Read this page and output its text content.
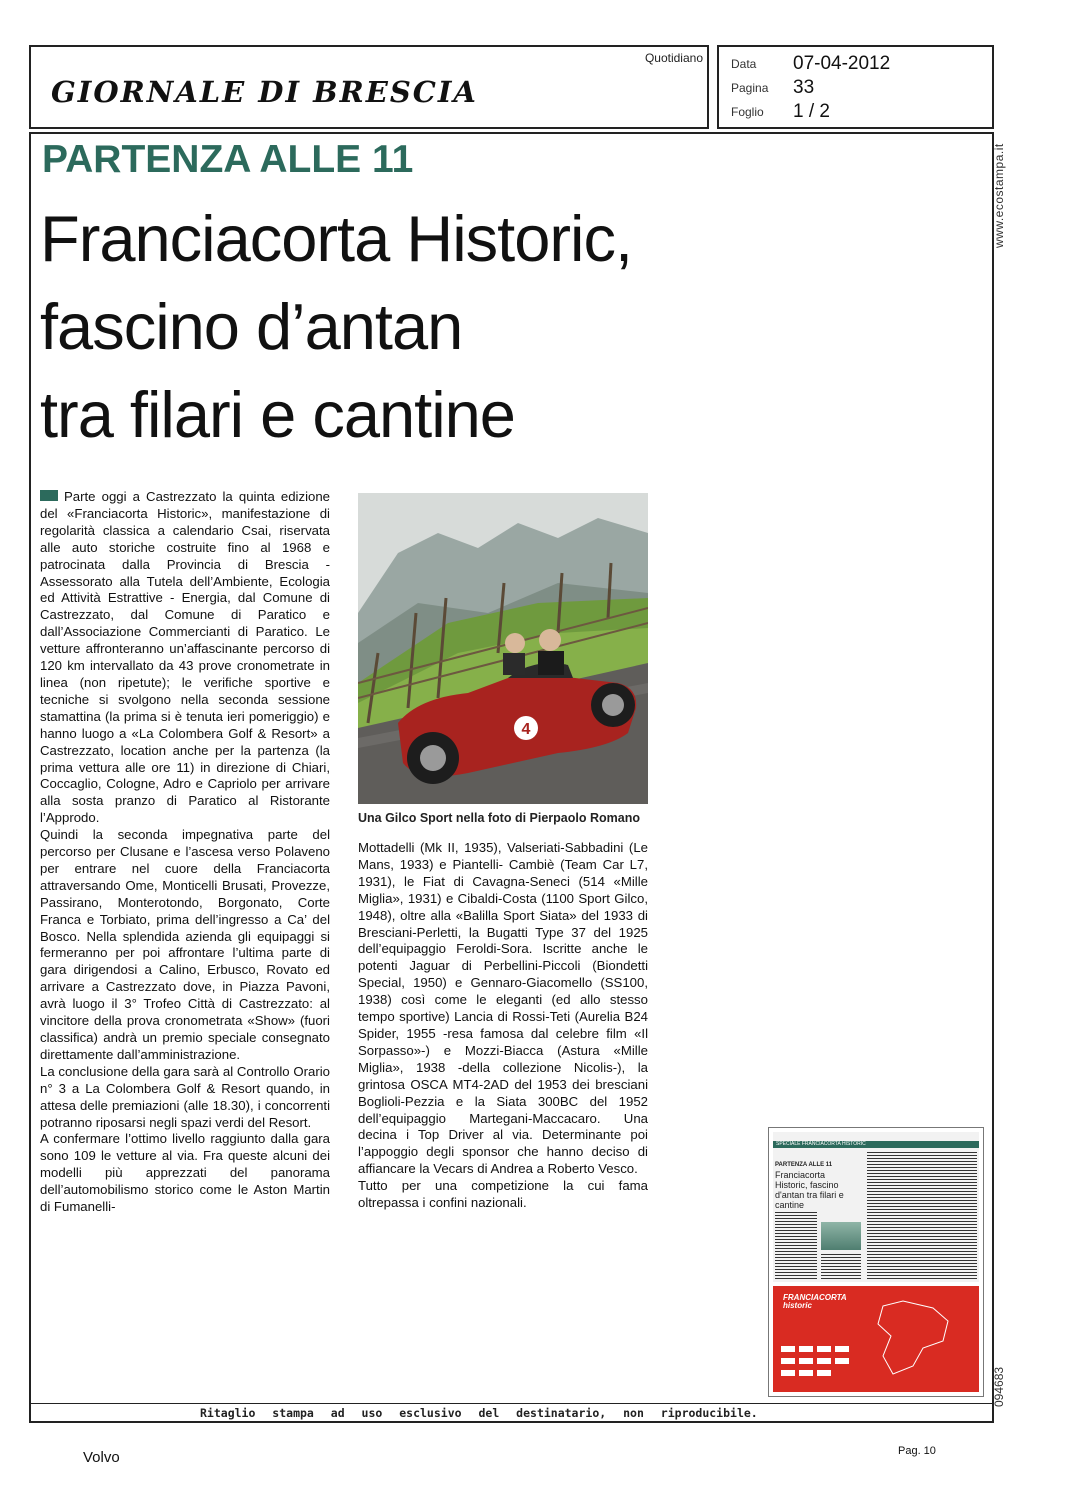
GIORNALE DI BRESCIA
Quotidiano Data	07-04-2012
Pagina	33
Foglio	1 / 2
PARTENZA ALLE 11
Franciacorta Historic,
fascino d’antan
tra filari e cantine

Parte oggi a Castrezzato la quinta edizione del «Franciacorta Historic», manifestazione di regolarità classica a calendario Csai, riservata alle auto storiche costruite fino al 1968 e patrocinata dalla Provincia di Brescia - Assessorato alla Tutela dell’Ambiente, Ecologia ed Attività Estrattive - Energia, dal Comune di Castrezzato, dal Comune di Paratico e dall’Associazione Commercianti di Paratico. Le vetture affronteranno un’affascinante percorso di 120 km intervallato da 43 prove cronometrate in linea (non ripetute); le verifiche sportive e tecniche si svolgono nella seconda sessione stamattina (la prima si è tenuta ieri pomeriggio) e hanno luogo a «La Colombera Golf & Resort» a Castrezzato, location anche per la partenza (la prima vettura alle ore 11) in direzione di Chiari, Coccaglio, Cologne, Adro e Capriolo per arrivare alla sosta pranzo di Paratico al Ristorante l’Approdo.

Quindi la seconda impegnativa parte del percorso per Clusane e l’ascesa verso Polaveno per entrare nel cuore della Franciacorta attraversando Ome, Monticelli Brusati, Provezze, Passirano, Monterotondo, Borgonato, Corte Franca e Torbiato, prima dell’ingresso a Ca’ del Bosco. Nella splendida azienda gli equipaggi si fermeranno per poi affrontare l’ultima parte di gara dirigendosi a Calino, Erbusco, Rovato ed arrivare a Castrezzato dove, in Piazza Pavoni, avrà luogo il 3° Trofeo Città di Castrezzato: al vincitore della prova cronometrata «Show» (fuori classifica) andrà un premio speciale consegnato direttamente dall’amministrazione.

La conclusione della gara sarà al Controllo Orario n° 3 a La Colombera Golf & Resort quando, in attesa delle premiazioni (alle 18.30), i concorrenti potranno riposarsi negli spazi verdi del Resort.

A confermare l’ottimo livello raggiunto dalla gara sono 109 le vetture al via. Fra queste alcuni dei modelli più apprezzati del panorama dell’automobilismo storico come le Aston Martin di Fumanelli-

4
Una Gilco Sport nella foto di Pierpaolo Romano

Mottadelli (Mk II, 1935), Valseriati-Sabbadini (Le Mans, 1933) e Piantelli- Cambiè (Team Car L7, 1931), le Fiat di Cavagna-Seneci (514 «Mille Miglia», 1931) e Cibaldi-Costa (1100 Sport Gilco, 1948), oltre alla «Balilla Sport Siata» del 1933 di Bresciani-Perletti, la Bugatti Type 37 del 1925 dell’equipaggio Feroldi-Sora. Iscritte anche le potenti Jaguar di Perbellini-Piccoli (Biondetti Special, 1950) e Gennaro-Giacomello (SS100, 1938) così come le eleganti (ed allo stesso tempo sportive) Lancia di Rossi-Teti (Aurelia B24 Spider, 1955 -resa famosa dal celebre film «Il Sorpasso»-) e Mozzi-Biacca (Astura «Mille Miglia», 1938 -della collezione Nicolis-), la grintosa OSCA MT4-2AD del 1953 dei bresciani Boglioli-Pezzia e la Siata 300BC del 1952 dell’equipaggio Martegani-Maccacaro. Una decina i Top Driver al via. Determinante poi l’appoggio degli sponsor che hanno deciso di affiancare la Vecars di Andrea a Roberto Vesco.

Tutto per una competizione la cui fama oltrepassa i confini nazionali.

www.ecostampa.it
094683
SPECIALE FRANCIACORTA HISTORIC
PARTENZA ALLE 11
Franciacorta Historic, fascino d'antan tra filari e cantine
FRANCIACORTA historic
Ritaglio stampa ad uso esclusivo del destinatario, non riproducibile.
Volvo	Pag. 10
